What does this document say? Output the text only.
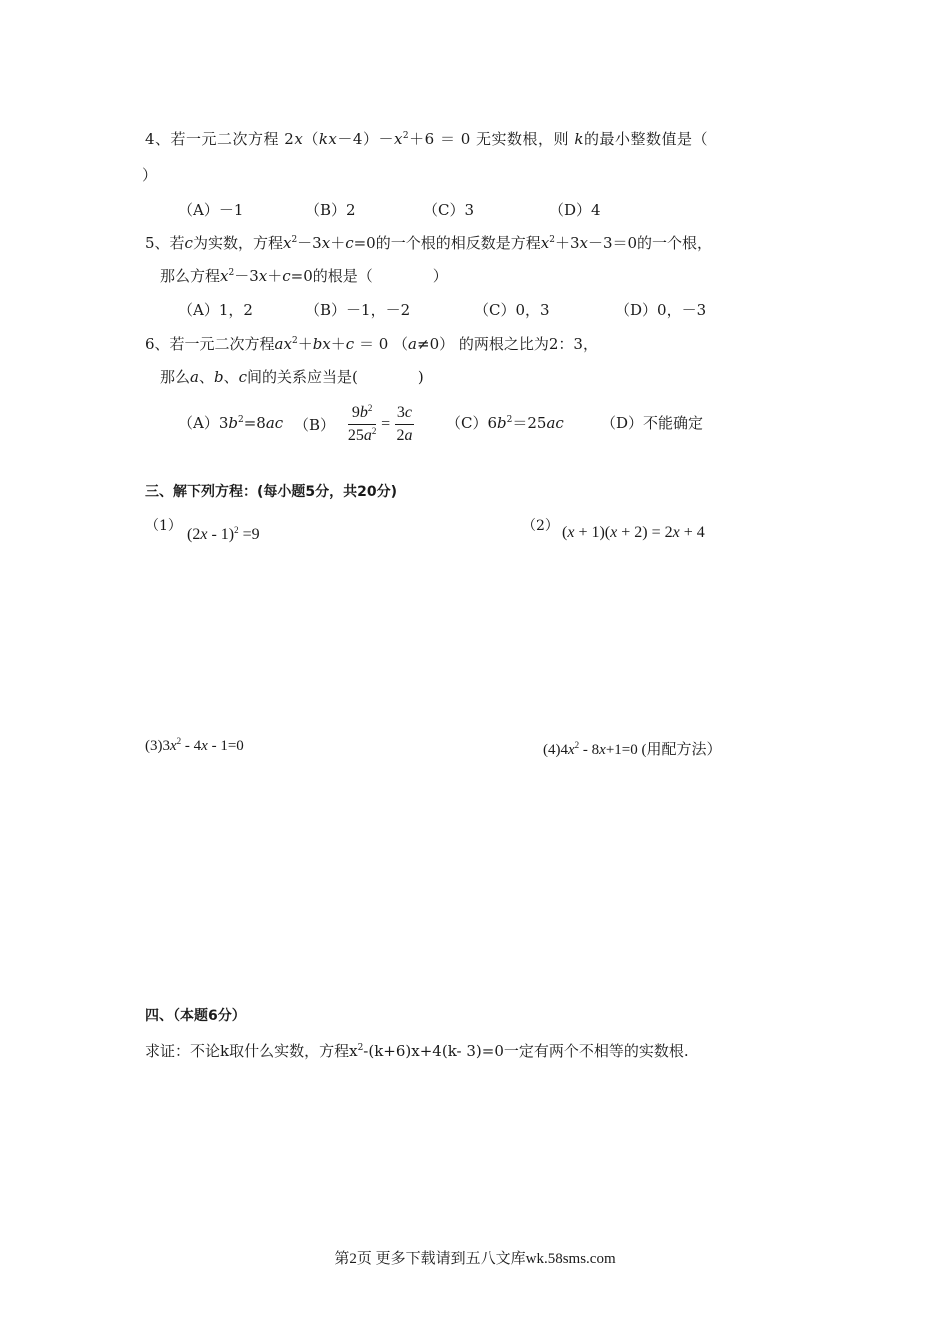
4、若一元二次方程 $2x(kx-4)-x^2+6 = 0$ 无实数根，则 k的最小整数值是（
）
（A）－1	（B）2	（C）3	（D）4
5、若c为实数，方程$x^2-3x+c=0$的一个根的相反数是方程$x^2+3x-3=0$的一个根，
那么方程$x^2-3x+c=0$的根是（　　　　）
（A）1，2	（B）－1，－2	（C）0，3	（D）0，－3
6、若一元二次方程$ax^2+bx+c = 0$ （a≠0） 的两根之比为2：3，
那么a、b、c间的关系应当是(　　　　)
$(A)3b^2=8ac$ $(B) \frac{9b^2}{25a^2} = \frac{3c}{2a} (C)6b^2=25ac$ （D）不能确定
三、解下列方程：(每小题5分，共20分)
（1） (2x - 1)$^2$ =9	（2） (x + 1)(x + 2) = 2x + 4
$(3)3x^2 - 4x - 1=0$	$(4)4x^2 - 8x+1=0$ (用配方法）
四、（本题6分）
求证：不论k取什么实数，方程$x^2-(k+6)x+4(k-$ 3)=0一定有两个不相等的实数根.
第2页 更多下载请到五八文库wk.58sms.com
